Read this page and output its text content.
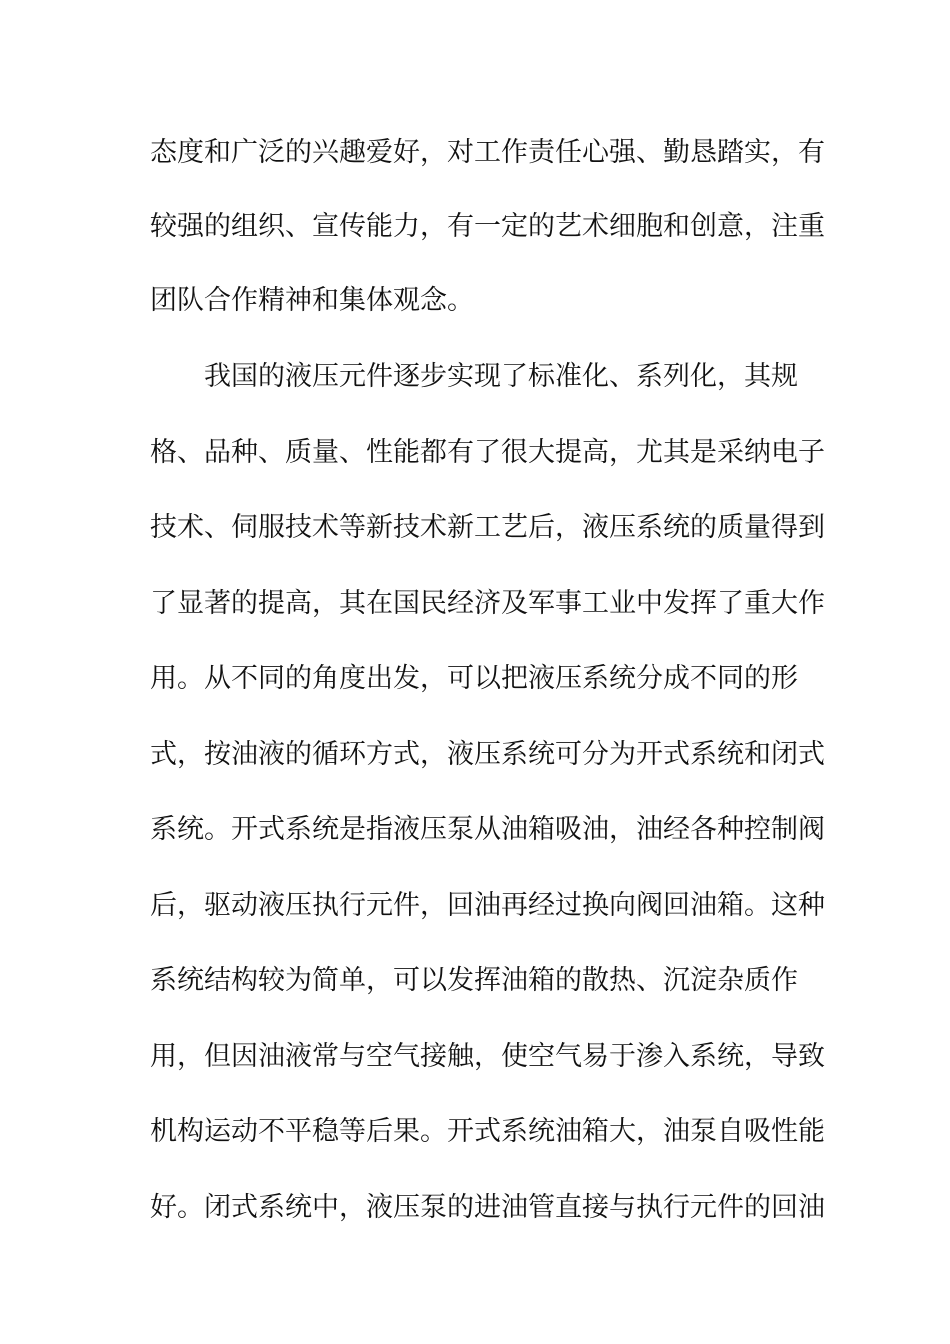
态度和广泛的兴趣爱好，对工作责任心强、勤恳踏实，有
较强的组织、宣传能力，有一定的艺术细胞和创意，注重
团队合作精神和集体观念。
我国的液压元件逐步实现了标准化、系列化，其规
格、品种、质量、性能都有了很大提高，尤其是采纳电子
技术、伺服技术等新技术新工艺后，液压系统的质量得到
了显著的提高，其在国民经济及军事工业中发挥了重大作
用。从不同的角度出发，可以把液压系统分成不同的形
式，按油液的循环方式，液压系统可分为开式系统和闭式
系统。开式系统是指液压泵从油箱吸油，油经各种控制阀
后，驱动液压执行元件，回油再经过换向阀回油箱。这种
系统结构较为简单，可以发挥油箱的散热、沉淀杂质作
用，但因油液常与空气接触，使空气易于渗入系统，导致
机构运动不平稳等后果。开式系统油箱大，油泵自吸性能
好。闭式系统中，液压泵的进油管直接与执行元件的回油
